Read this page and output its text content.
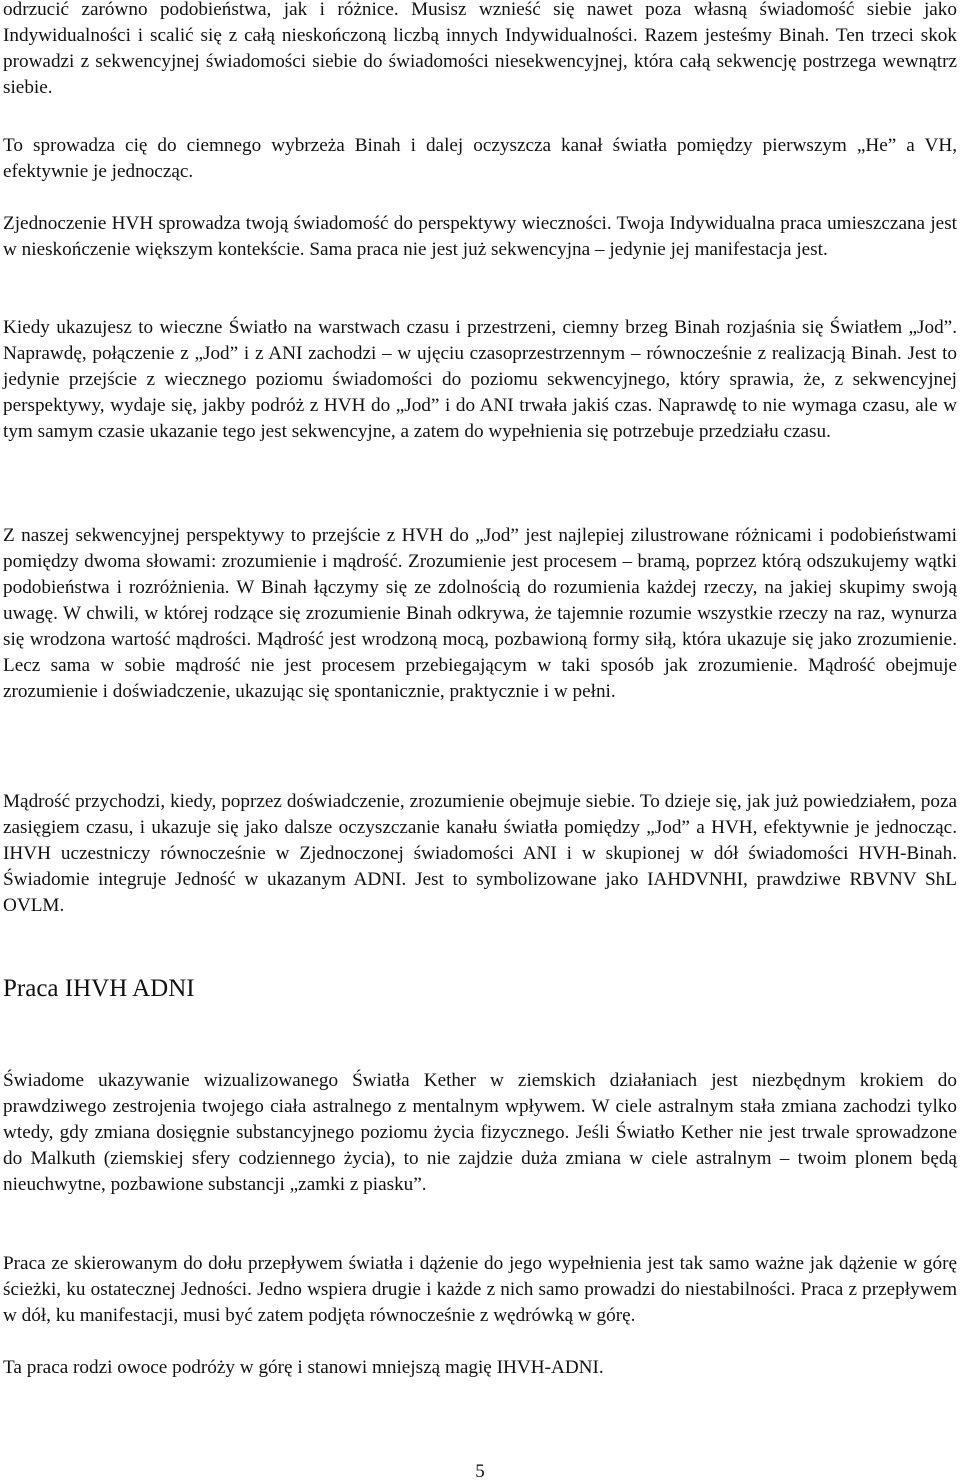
odrzucić zarówno podobieństwa, jak i różnice. Musisz wznieść się nawet poza własną świadomość siebie jako Indywidualności i scalić się z całą nieskończoną liczbą innych Indywidualności. Razem jesteśmy Binah. Ten trzeci skok prowadzi z sekwencyjnej świadomości siebie do świadomości niesekwencyjnej, która całą sekwencję postrzega wewnątrz siebie.

To sprowadza cię do ciemnego wybrzeża Binah i dalej oczyszcza kanał światła pomiędzy pierwszym „He” a VH, efektywnie je jednocząc.

Zjednoczenie HVH sprowadza twoją świadomość do perspektywy wieczności. Twoja Indywidualna praca umieszczana jest w nieskończenie większym kontekście. Sama praca nie jest już sekwencyjna – jedynie jej manifestacja jest.

Kiedy ukazujesz to wieczne Światło na warstwach czasu i przestrzeni, ciemny brzeg Binah rozjaśnia się Światłem „Jod”. Naprawdę, połączenie z „Jod” i z ANI zachodzi – w ujęciu czasoprzestrzennym – równocześnie z realizacją Binah. Jest to jedynie przejście z wiecznego poziomu świadomości do poziomu sekwencyjnego, który sprawia, że, z sekwencyjnej perspektywy, wydaje się, jakby podróż z HVH do „Jod” i do ANI trwała jakiś czas. Naprawdę to nie wymaga czasu, ale w tym samym czasie ukazanie tego jest sekwencyjne, a zatem do wypełnienia się potrzebuje przedziału czasu.

Z naszej sekwencyjnej perspektywy to przejście z HVH do „Jod” jest najlepiej zilustrowane różnicami i podobieństwami pomiędzy dwoma słowami: zrozumienie i mądrość. Zrozumienie jest procesem – bramą, poprzez którą odszukujemy wątki podobieństwa i rozróżnienia. W Binah łączymy się ze zdolnością do rozumienia każdej rzeczy, na jakiej skupimy swoją uwagę. W chwili, w której rodzące się zrozumienie Binah odkrywa, że tajemnie rozumie wszystkie rzeczy na raz, wynurza się wrodzona wartość mądrości. Mądrość jest wrodzoną mocą, pozbawioną formy siłą, która ukazuje się jako zrozumienie. Lecz sama w sobie mądrość nie jest procesem przebiegającym w taki sposób jak zrozumienie. Mądrość obejmuje zrozumienie i doświadczenie, ukazując się spontanicznie, praktycznie i w pełni.

Mądrość przychodzi, kiedy, poprzez doświadczenie, zrozumienie obejmuje siebie. To dzieje się, jak już powiedziałem, poza zasięgiem czasu, i ukazuje się jako dalsze oczyszczanie kanału światła pomiędzy „Jod” a HVH, efektywnie je jednocząc. IHVH uczestniczy równocześnie w Zjednoczonej świadomości ANI i w skupionej w dół świadomości HVH-Binah. Świadomie integruje Jedność w ukazanym ADNI. Jest to symbolizowane jako IAHDVNHI, prawdziwe RBVNV ShL OVLM.

Praca IHVH ADNI

Świadome ukazywanie wizualizowanego Światła Kether w ziemskich działaniach jest niezbędnym krokiem do prawdziwego zestrojenia twojego ciała astralnego z mentalnym wpływem. W ciele astralnym stała zmiana zachodzi tylko wtedy, gdy zmiana dosięgnie substancyjnego poziomu życia fizycznego. Jeśli Światło Kether nie jest trwale sprowadzone do Malkuth (ziemskiej sfery codziennego życia), to nie zajdzie duża zmiana w ciele astralnym – twoim plonem będą nieuchwytne, pozbawione substancji „zamki z piasku”.

Praca ze skierowanym do dołu przepływem światła i dążenie do jego wypełnienia jest tak samo ważne jak dążenie w górę ścieżki, ku ostatecznej Jedności. Jedno wspiera drugie i każde z nich samo prowadzi do niestabilności. Praca z przepływem w dół, ku manifestacji, musi być zatem podjęta równocześnie z wędrówką w górę.

Ta praca rodzi owoce podróży w górę i stanowi mniejszą magię IHVH-ADNI.

5
